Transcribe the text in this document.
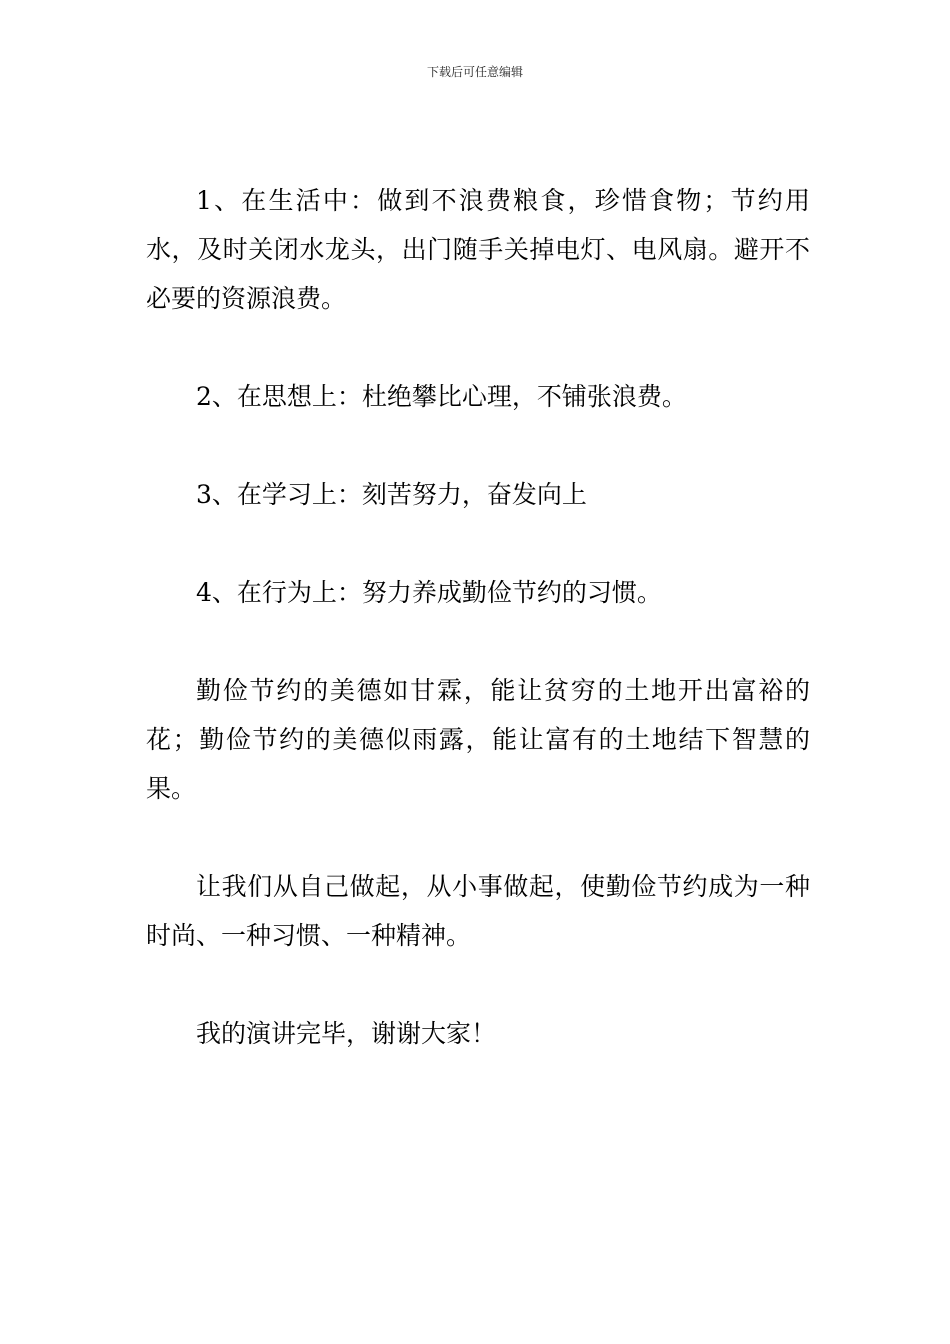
下载后可任意编辑

1、在生活中：做到不浪费粮食，珍惜食物；节约用水，及时关闭水龙头，出门随手关掉电灯、电风扇。避开不必要的资源浪费。

2、在思想上：杜绝攀比心理，不铺张浪费。

3、在学习上：刻苦努力，奋发向上

4、在行为上：努力养成勤俭节约的习惯。

勤俭节约的美德如甘霖，能让贫穷的土地开出富裕的花；勤俭节约的美德似雨露，能让富有的土地结下智慧的果。

让我们从自己做起，从小事做起，使勤俭节约成为一种时尚、一种习惯、一种精神。

我的演讲完毕，谢谢大家！
